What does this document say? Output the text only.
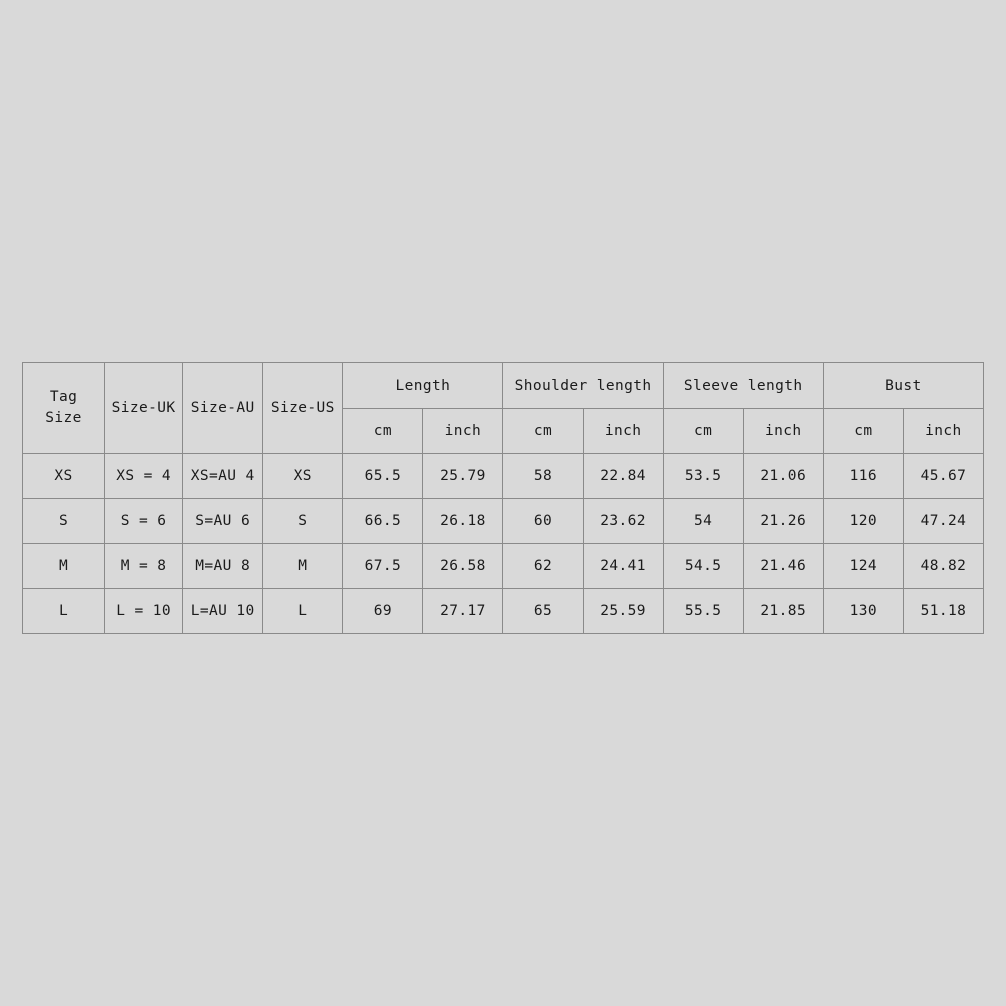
Tag
Size	Size-UK	Size-AU	Size-US	Length		Shoulder length		Sleeve length		Bust	
				cm	inch	cm	inch	cm	inch	cm	inch
XS	XS = 4	XS=AU 4	XS	65.5	25.79	58	22.84	53.5	21.06	116	45.67
S	S = 6	S=AU 6	S	66.5	26.18	60	23.62	54	21.26	120	47.24
M	M = 8	M=AU 8	M	67.5	26.58	62	24.41	54.5	21.46	124	48.82
L	L = 10	L=AU 10	L	69	27.17	65	25.59	55.5	21.85	130	51.18
